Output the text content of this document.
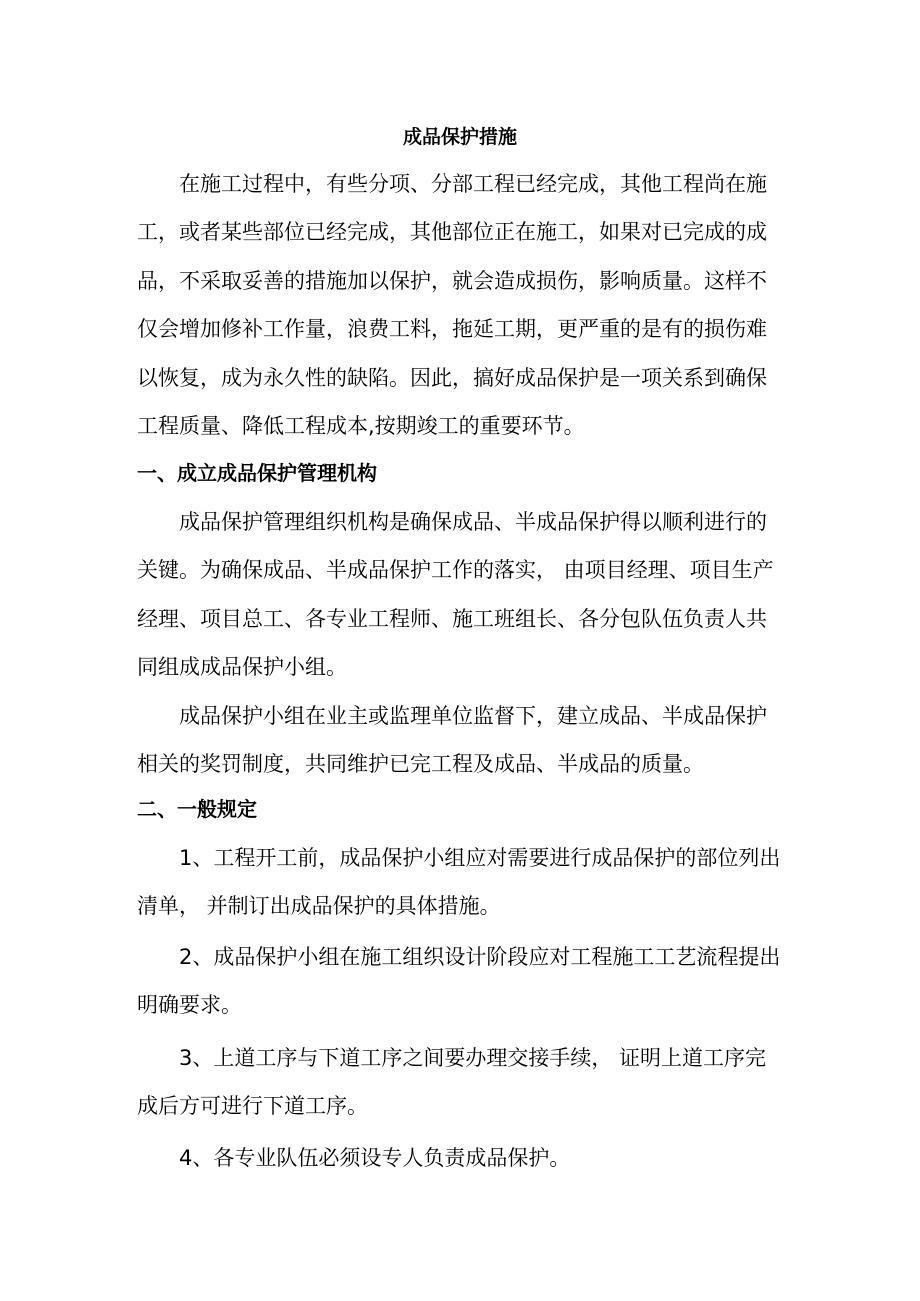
成品保护措施

在施工过程中，有些分项、分部工程已经完成，其他工程尚在施工，或者某些部位已经完成，其他部位正在施工，如果对已完成的成品，不采取妥善的措施加以保护，就会造成损伤，影响质量。这样不仅会增加修补工作量，浪费工料，拖延工期，更严重的是有的损伤难以恢复，成为永久性的缺陷。因此，搞好成品保护是一项关系到确保工程质量、降低工程成本,按期竣工的重要环节。

一、成立成品保护管理机构

成品保护管理组织机构是确保成品、半成品保护得以顺利进行的关键。为确保成品、半成品保护工作的落实， 由项目经理、项目生产经理、项目总工、各专业工程师、施工班组长、各分包队伍负责人共同组成成品保护小组。

成品保护小组在业主或监理单位监督下，建立成品、半成品保护相关的奖罚制度，共同维护已完工程及成品、半成品的质量。

二、一般规定

1、工程开工前，成品保护小组应对需要进行成品保护的部位列出清单， 并制订出成品保护的具体措施。

2、成品保护小组在施工组织设计阶段应对工程施工工艺流程提出明确要求。

3、上道工序与下道工序之间要办理交接手续， 证明上道工序完成后方可进行下道工序。

4、各专业队伍必须设专人负责成品保护。
